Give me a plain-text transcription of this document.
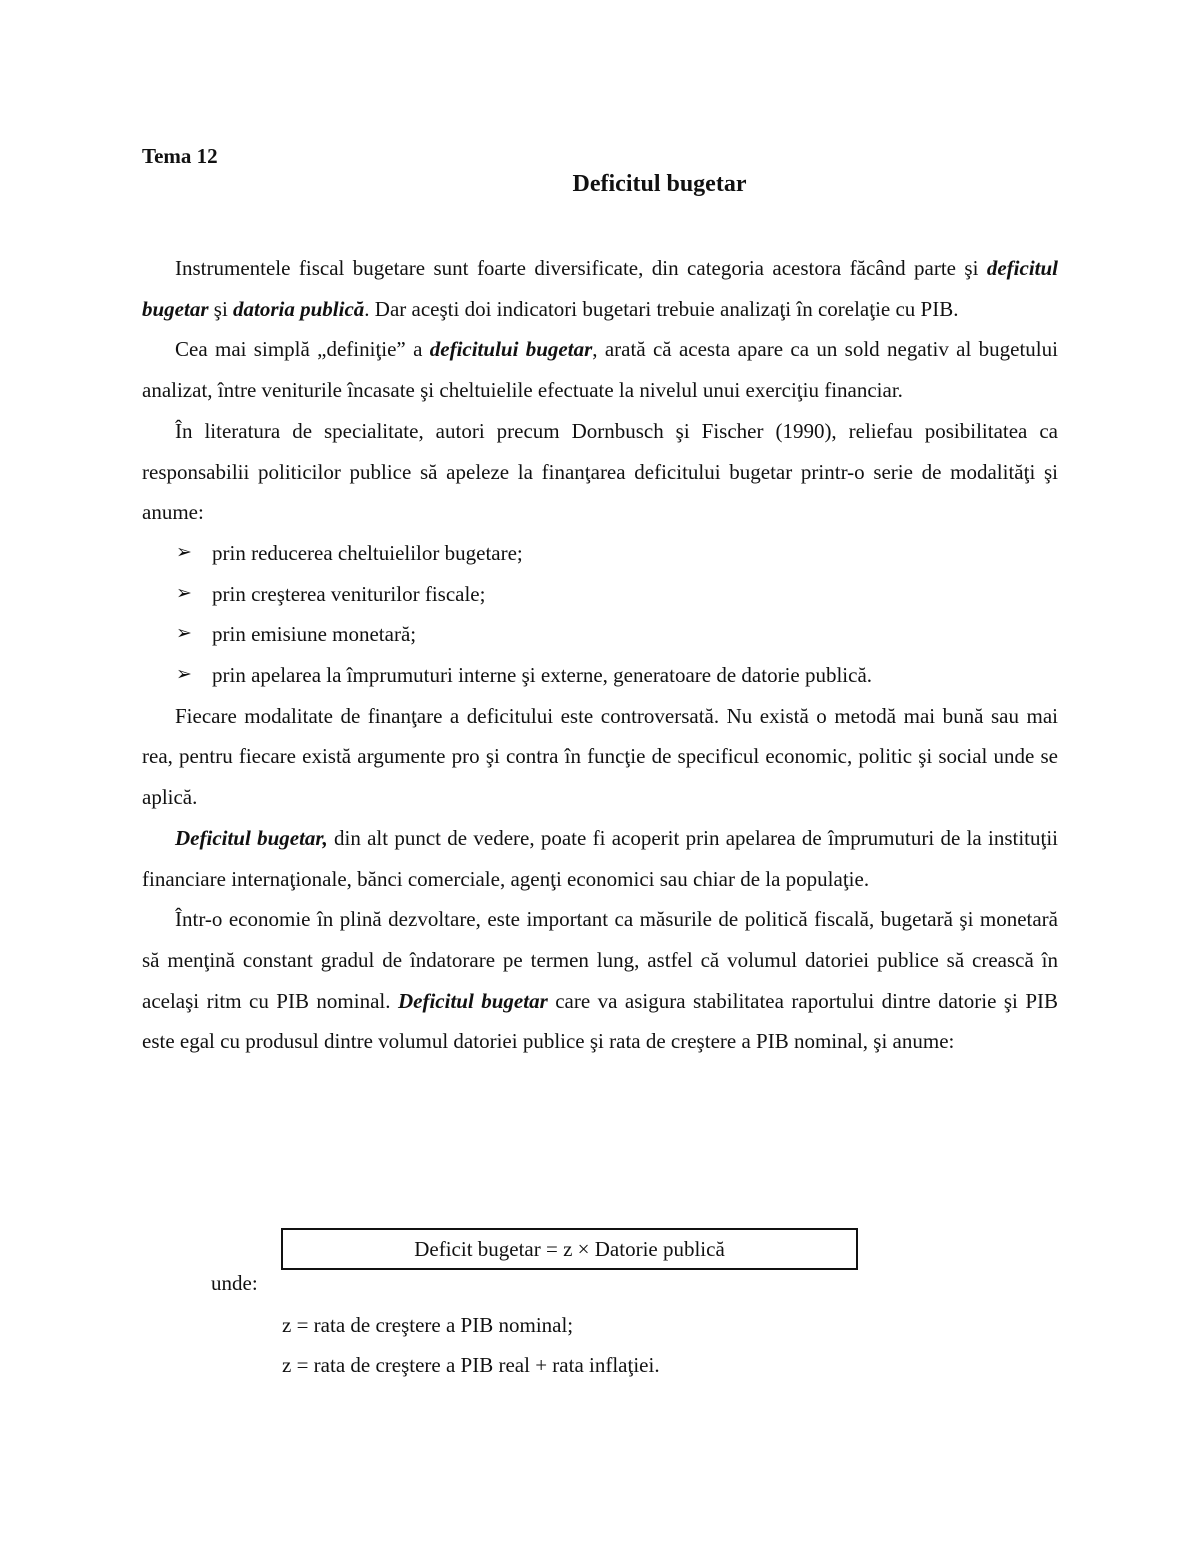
Tema 12

Deficitul bugetar

Instrumentele fiscal bugetare sunt foarte diversificate, din categoria acestora făcând parte şi deficitul bugetar şi datoria publică. Dar aceşti doi indicatori bugetari trebuie analizaţi în corelaţie cu PIB.

Cea mai simplă „definiţie” a deficitului bugetar, arată că acesta apare ca un sold negativ al bugetului analizat, între veniturile încasate şi cheltuielile efectuate la nivelul unui exerciţiu financiar.

În literatura de specialitate, autori precum Dornbusch şi Fischer (1990), reliefau posibilitatea ca responsabilii politicilor publice să apeleze la finanţarea deficitului bugetar printr-o serie de modalităţi şi anume:

➢ prin reducerea cheltuielilor bugetare;
➢ prin creşterea veniturilor fiscale;
➢ prin emisiune monetară;
➢ prin apelarea la împrumuturi interne şi externe, generatoare de datorie publică.

Fiecare modalitate de finanţare a deficitului este controversată. Nu există o metodă mai bună sau mai rea, pentru fiecare există argumente pro şi contra în funcţie de specificul economic, politic şi social unde se aplică.

Deficitul bugetar, din alt punct de vedere, poate fi acoperit prin apelarea de împrumuturi de la instituţii financiare internaţionale, bănci comerciale, agenţi economici sau chiar de la populaţie.

Într-o economie în plină dezvoltare, este important ca măsurile de politică fiscală, bugetară şi monetară să menţină constant gradul de îndatorare pe termen lung, astfel că volumul datoriei publice să crească în acelaşi ritm cu PIB nominal. Deficitul bugetar care va asigura stabilitatea raportului dintre datorie şi PIB este egal cu produsul dintre volumul datoriei publice şi rata de creştere a PIB nominal, şi anume:

Deficit bugetar = z × Datorie publică
unde:
z = rata de creştere a PIB nominal;
z = rata de creştere a PIB real + rata inflaţiei.
